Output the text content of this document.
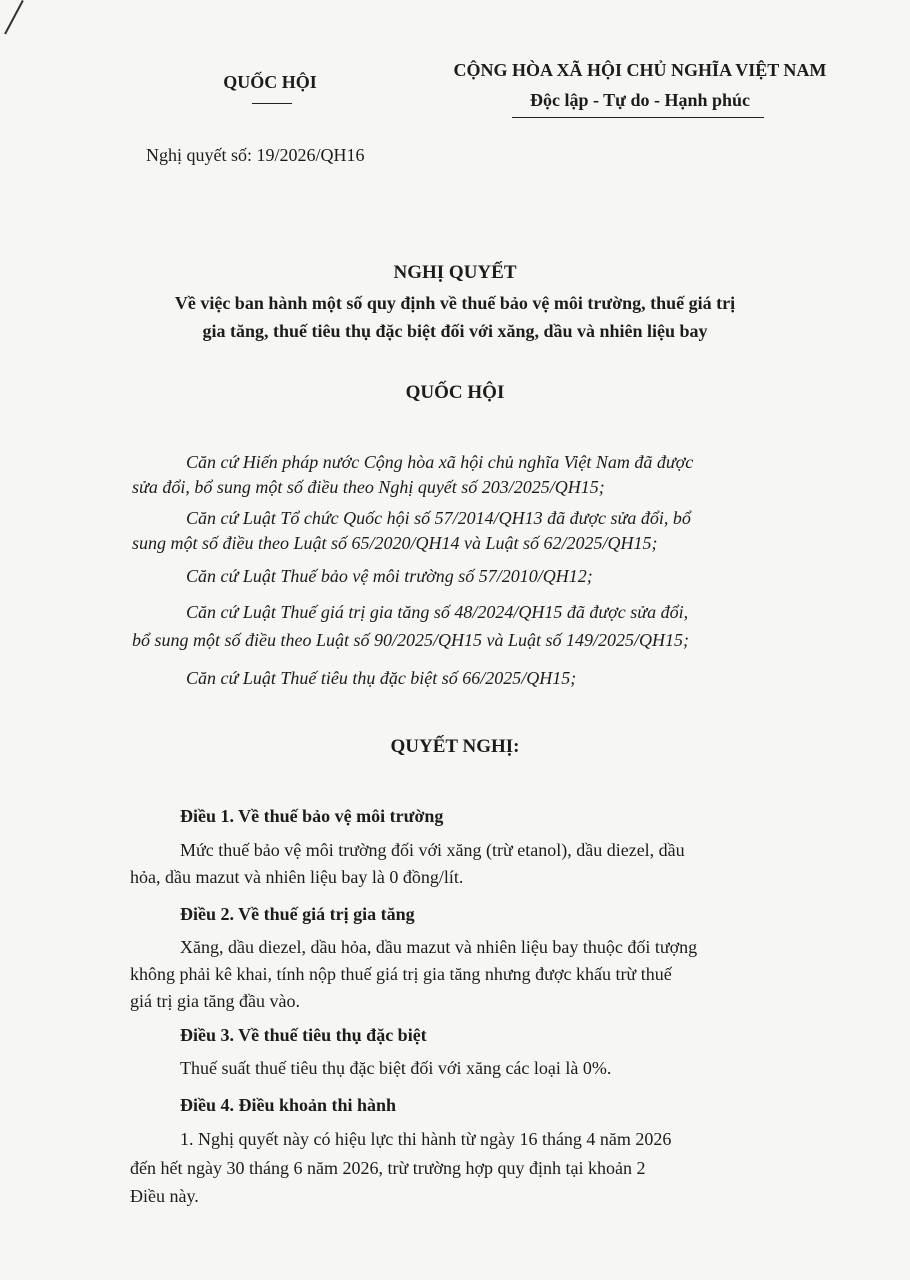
QUỐC HỘI
CỘNG HÒA XÃ HỘI CHỦ NGHĨA VIỆT NAM
Độc lập - Tự do - Hạnh phúc
Nghị quyết số: 19/2026/QH16
NGHỊ QUYẾT
Về việc ban hành một số quy định về thuế bảo vệ môi trường, thuế giá trị
gia tăng, thuế tiêu thụ đặc biệt đối với xăng, dầu và nhiên liệu bay
QUỐC HỘI
Căn cứ Hiến pháp nước Cộng hòa xã hội chủ nghĩa Việt Nam đã được
sửa đổi, bổ sung một số điều theo Nghị quyết số 203/2025/QH15;
Căn cứ Luật Tổ chức Quốc hội số 57/2014/QH13 đã được sửa đổi, bổ
sung một số điều theo Luật số 65/2020/QH14 và Luật số 62/2025/QH15;
Căn cứ Luật Thuế bảo vệ môi trường số 57/2010/QH12;
Căn cứ Luật Thuế giá trị gia tăng số 48/2024/QH15 đã được sửa đổi,
bổ sung một số điều theo Luật số 90/2025/QH15 và Luật số 149/2025/QH15;
Căn cứ Luật Thuế tiêu thụ đặc biệt số 66/2025/QH15;
QUYẾT NGHỊ:
Điều 1. Về thuế bảo vệ môi trường
Mức thuế bảo vệ môi trường đối với xăng (trừ etanol), dầu diezel, dầu
hỏa, dầu mazut và nhiên liệu bay là 0 đồng/lít.
Điều 2. Về thuế giá trị gia tăng
Xăng, dầu diezel, dầu hỏa, dầu mazut và nhiên liệu bay thuộc đối tượng
không phải kê khai, tính nộp thuế giá trị gia tăng nhưng được khấu trừ thuế
giá trị gia tăng đầu vào.
Điều 3. Về thuế tiêu thụ đặc biệt
Thuế suất thuế tiêu thụ đặc biệt đối với xăng các loại là 0%.
Điều 4. Điều khoản thi hành
1. Nghị quyết này có hiệu lực thi hành từ ngày 16 tháng 4 năm 2026
đến hết ngày 30 tháng 6 năm 2026, trừ trường hợp quy định tại khoản 2
Điều này.
